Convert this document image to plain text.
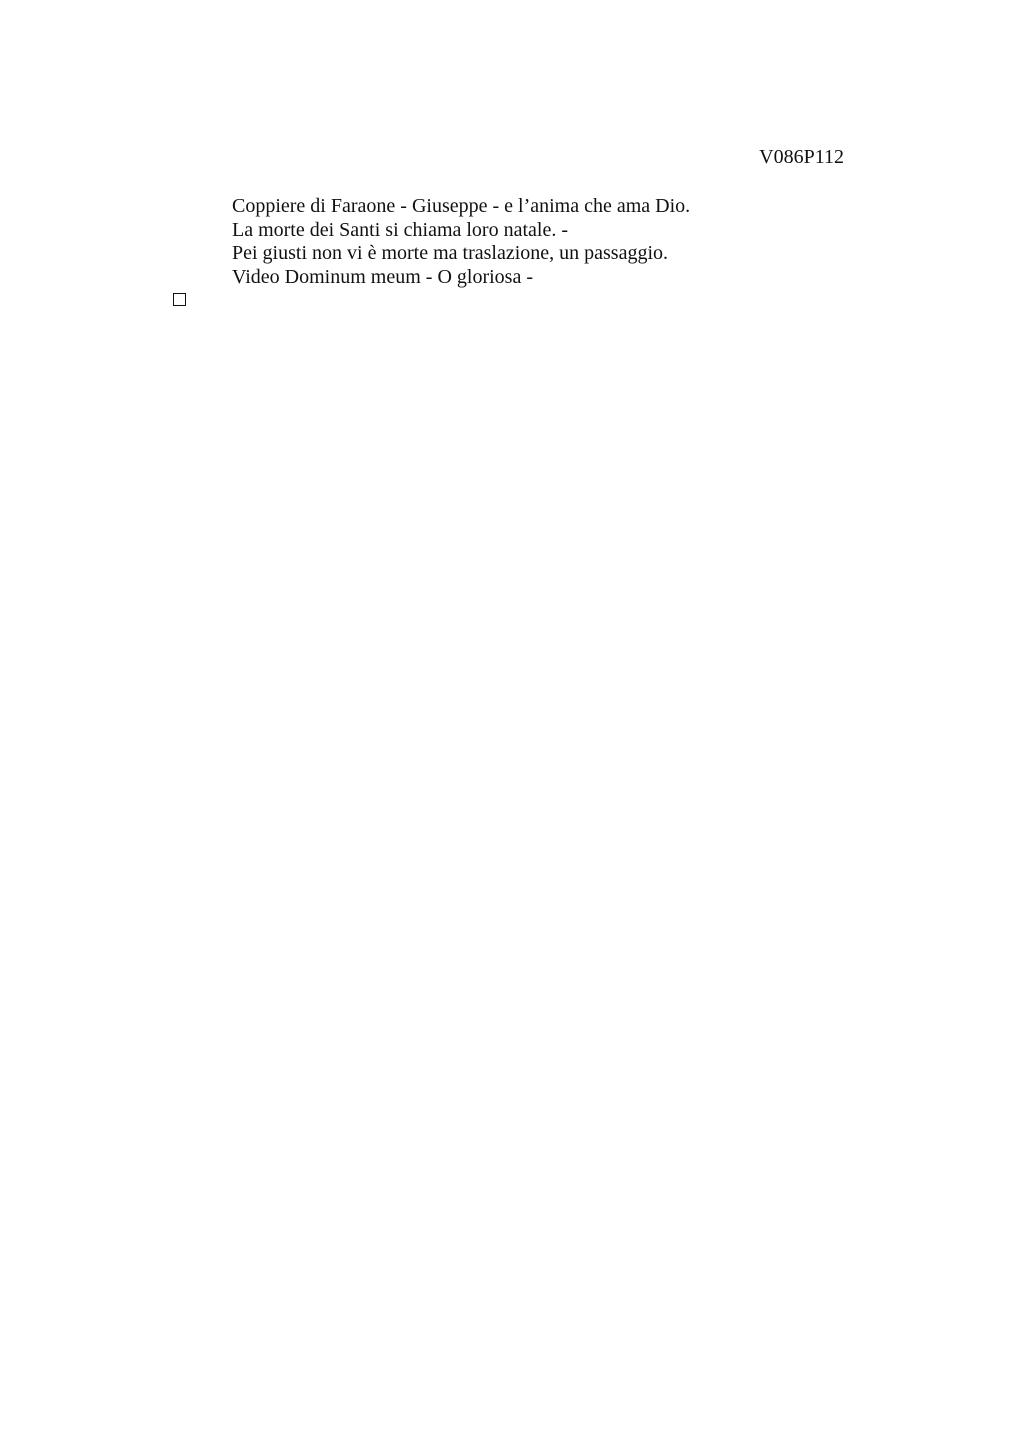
V086P112
Coppiere di Faraone - Giuseppe - e l’anima che ama Dio.
La morte dei Santi si chiama loro natale. -
Pei giusti non vi è morte ma traslazione, un passaggio.
Video Dominum meum - O gloriosa -
